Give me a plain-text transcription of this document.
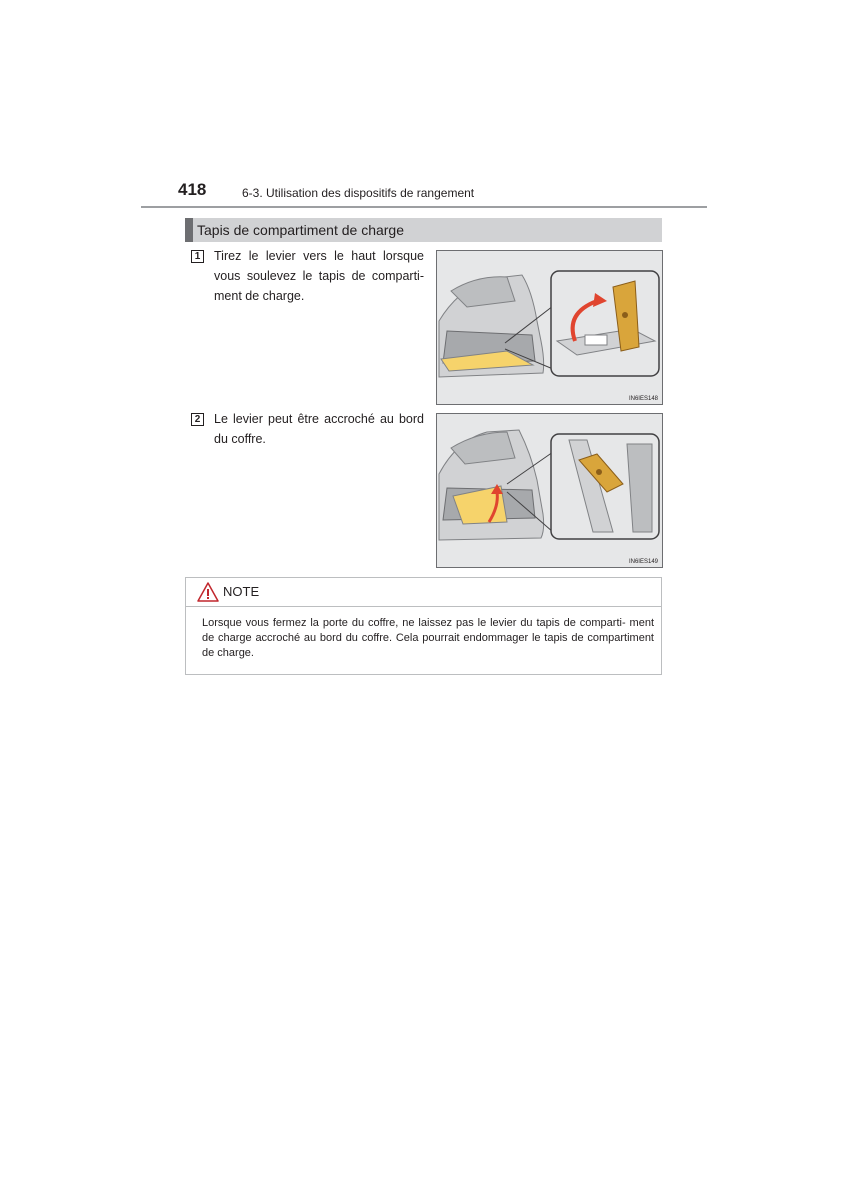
418	6-3. Utilisation des dispositifs de rangement
Tapis de compartiment de charge
1 Tirez le levier vers le haut lorsque vous soulevez le tapis de comparti- ment de charge.
IN6IES148
2 Le levier peut être accroché au bord du coffre.
IN6IES149
NOTE
Lorsque vous fermez la porte du coffre, ne laissez pas le levier du tapis de comparti- ment de charge accroché au bord du coffre. Cela pourrait endommager le tapis de compartiment de charge.
